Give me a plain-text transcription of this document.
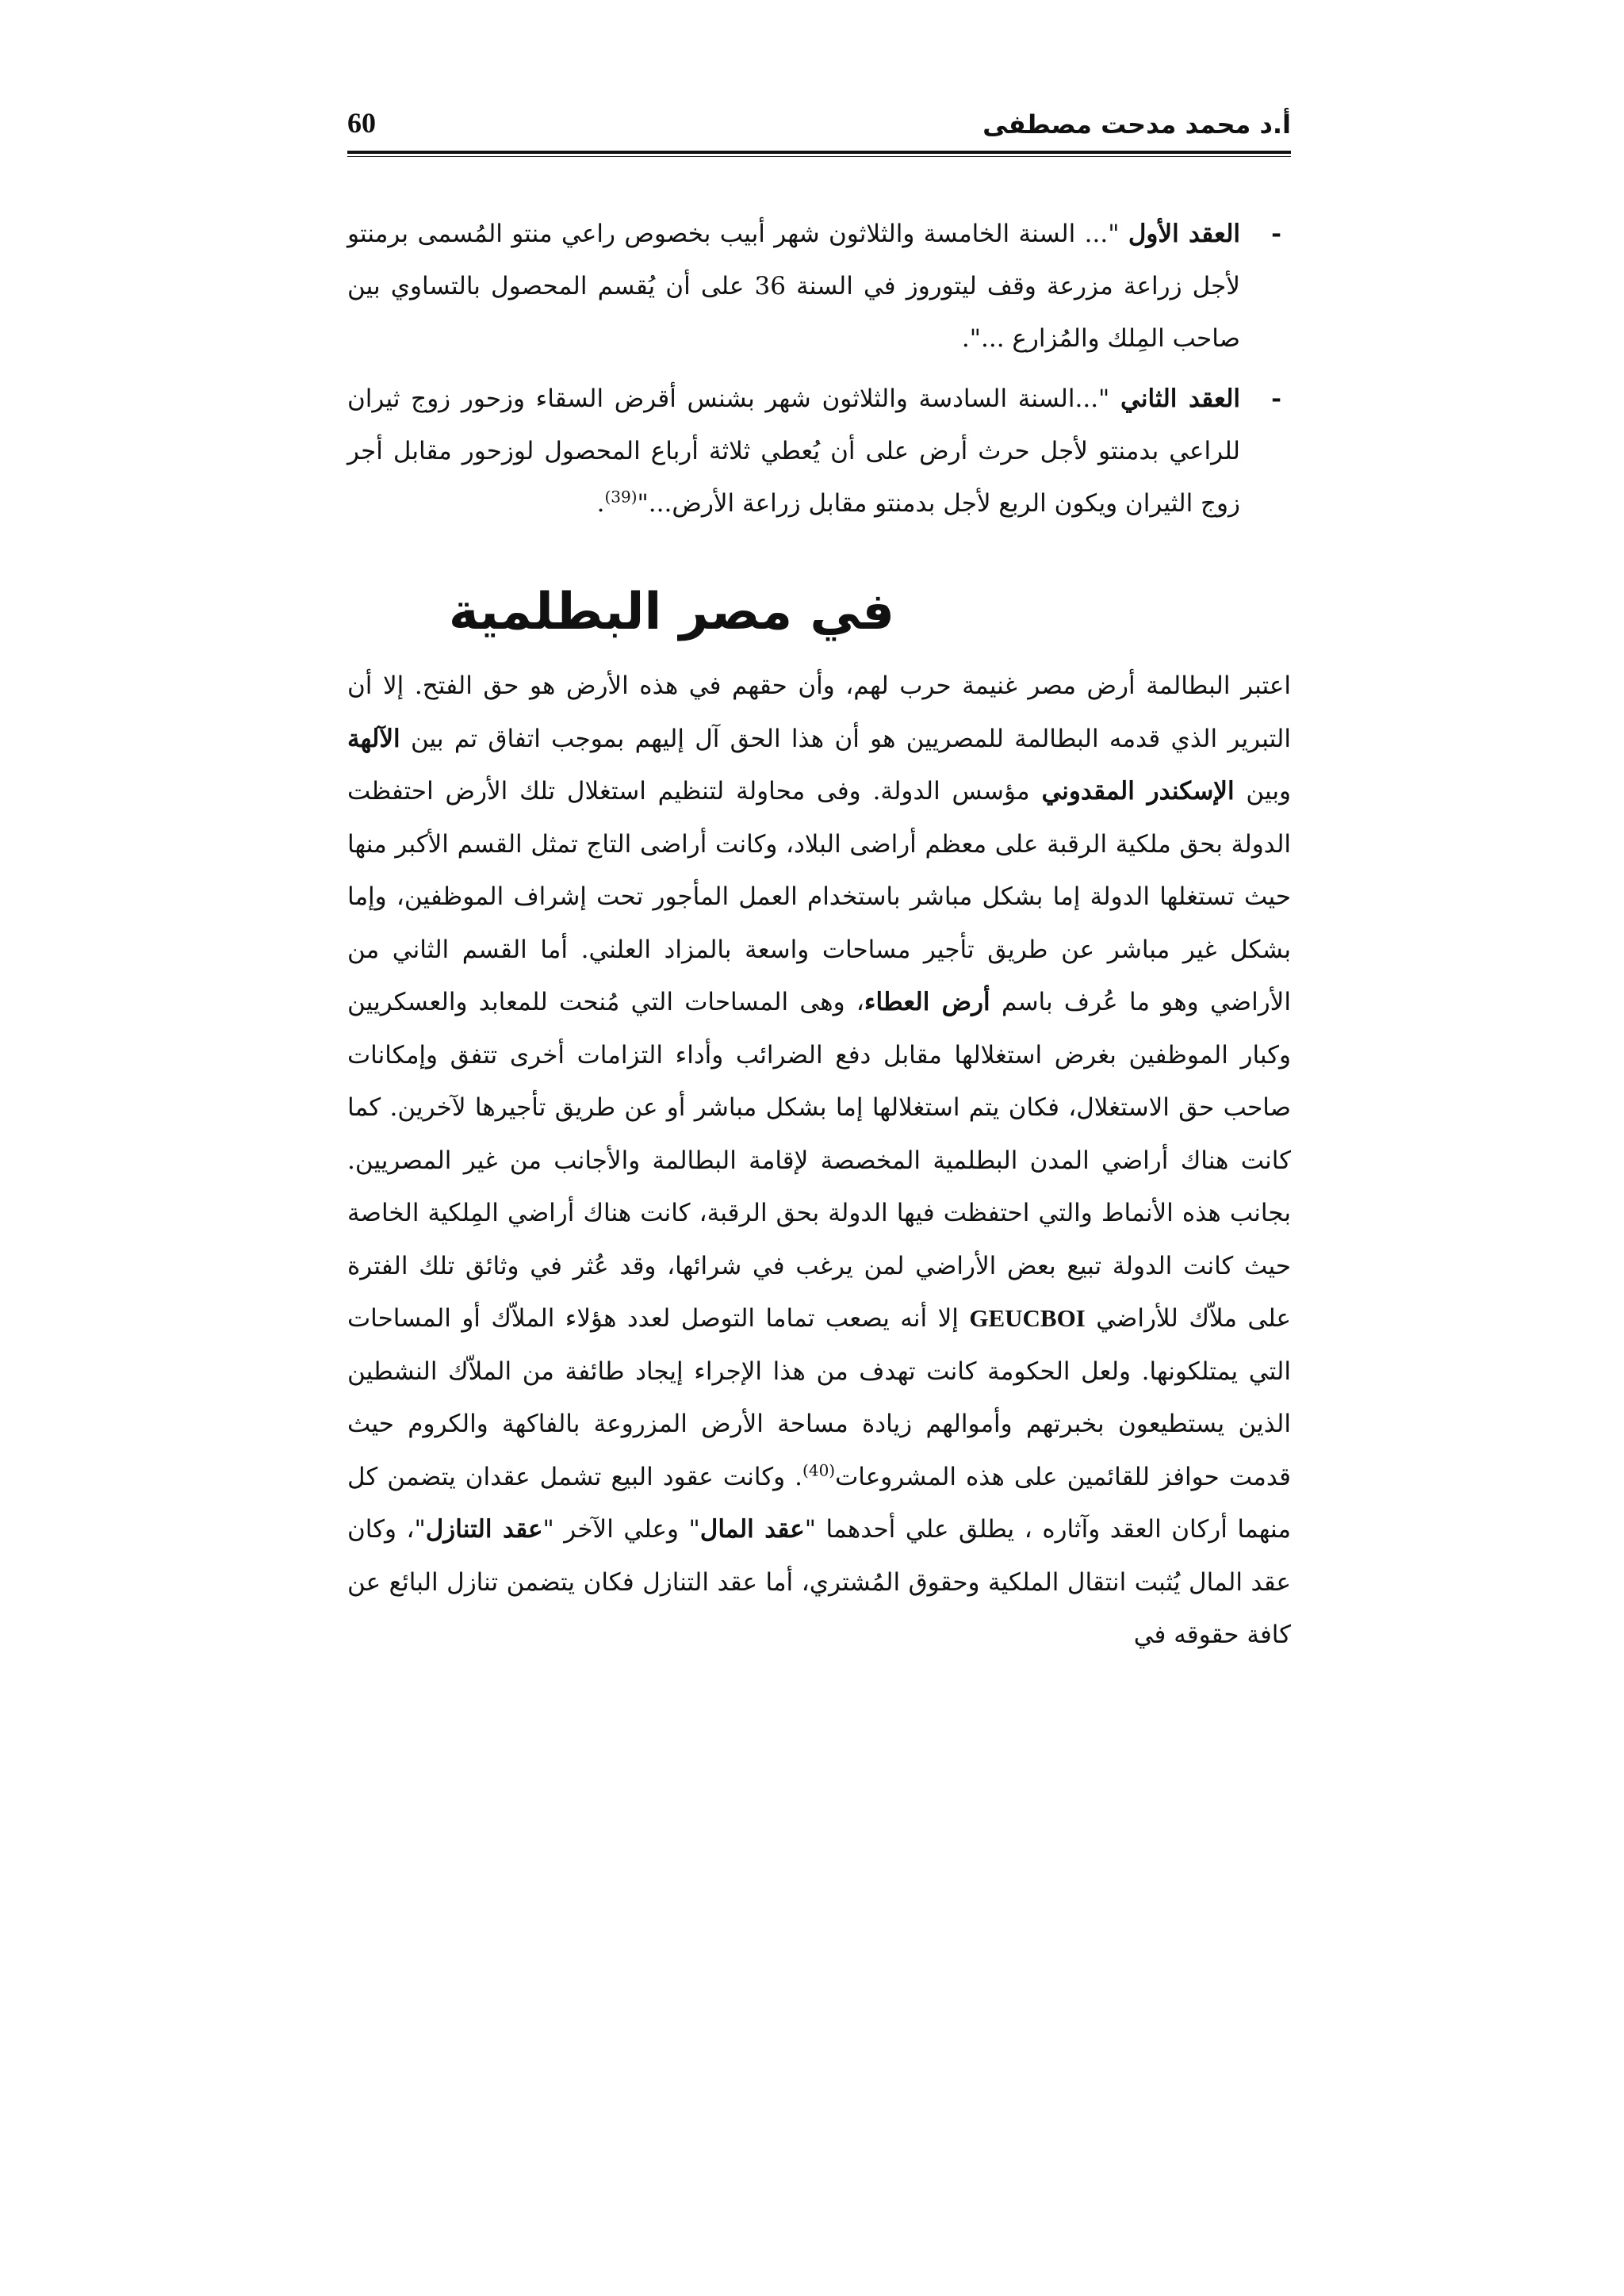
أ.د محمد مدحت مصطفى
60

-
العقد الأول "... السنة الخامسة والثلاثون شهر أبيب بخصوص راعي منتو المُسمى برمنتو لأجل زراعة مزرعة وقف ليتوروز في السنة 36 على أن يُقسم المحصول بالتساوي بين صاحب المِلك والمُزارع ...".

-
العقد الثاني "...السنة السادسة والثلاثون شهر بشنس أقرض السقاء وزحور زوج ثيران للراعي بدمنتو لأجل حرث أرض على أن يُعطي ثلاثة أرباع المحصول لوزحور مقابل أجر زوج الثيران ويكون الربع لأجل بدمنتو مقابل زراعة الأرض..."$^{(39)}$.

في مصر البطلمية

اعتبر البطالمة أرض مصر غنيمة حرب لهم، وأن حقهم في هذه الأرض هو حق الفتح. إلا أن التبرير الذي قدمه البطالمة للمصريين هو أن هذا الحق آل إليهم بموجب اتفاق تم بين الآلهة وبين الإسكندر المقدوني مؤسس الدولة. وفى محاولة لتنظيم استغلال تلك الأرض احتفظت الدولة بحق ملكية الرقبة على معظم أراضى البلاد، وكانت أراضى التاج تمثل القسم الأكبر منها حيث تستغلها الدولة إما بشكل مباشر باستخدام العمل المأجور تحت إشراف الموظفين، وإما بشكل غير مباشر عن طريق تأجير مساحات واسعة بالمزاد العلني. أما القسم الثاني من الأراضي وهو ما عُرف باسم أرض العطاء، وهى المساحات التي مُنحت للمعابد والعسكريين وكبار الموظفين بغرض استغلالها مقابل دفع الضرائب وأداء التزامات أخرى تتفق وإمكانات صاحب حق الاستغلال، فكان يتم استغلالها إما بشكل مباشر أو عن طريق تأجيرها لآخرين. كما كانت هناك أراضي المدن البطلمية المخصصة لإقامة البطالمة والأجانب من غير المصريين. بجانب هذه الأنماط والتي احتفظت فيها الدولة بحق الرقبة، كانت هناك أراضي المِلكية الخاصة حيث كانت الدولة تبيع بعض الأراضي لمن يرغب في شرائها، وقد عُثر في وثائق تلك الفترة على ملاّك للأراضي GEUCBOI إلا أنه يصعب تماما التوصل لعدد هؤلاء الملاّك أو المساحات التي يمتلكونها. ولعل الحكومة كانت تهدف من هذا الإجراء إيجاد طائفة من الملاّك النشطين الذين يستطيعون بخبرتهم وأموالهم زيادة مساحة الأرض المزروعة بالفاكهة والكروم حيث قدمت حوافز للقائمين على هذه المشروعات$^{(40)}$. وكانت عقود البيع تشمل عقدان يتضمن كل منهما أركان العقد وآثاره ، يطلق علي أحدهما "عقد المال" وعلي الآخر "عقد التنازل"، وكان عقد المال يُثبت انتقال الملكية وحقوق المُشتري، أما عقد التنازل فكان يتضمن تنازل البائع عن كافة حقوقه في
